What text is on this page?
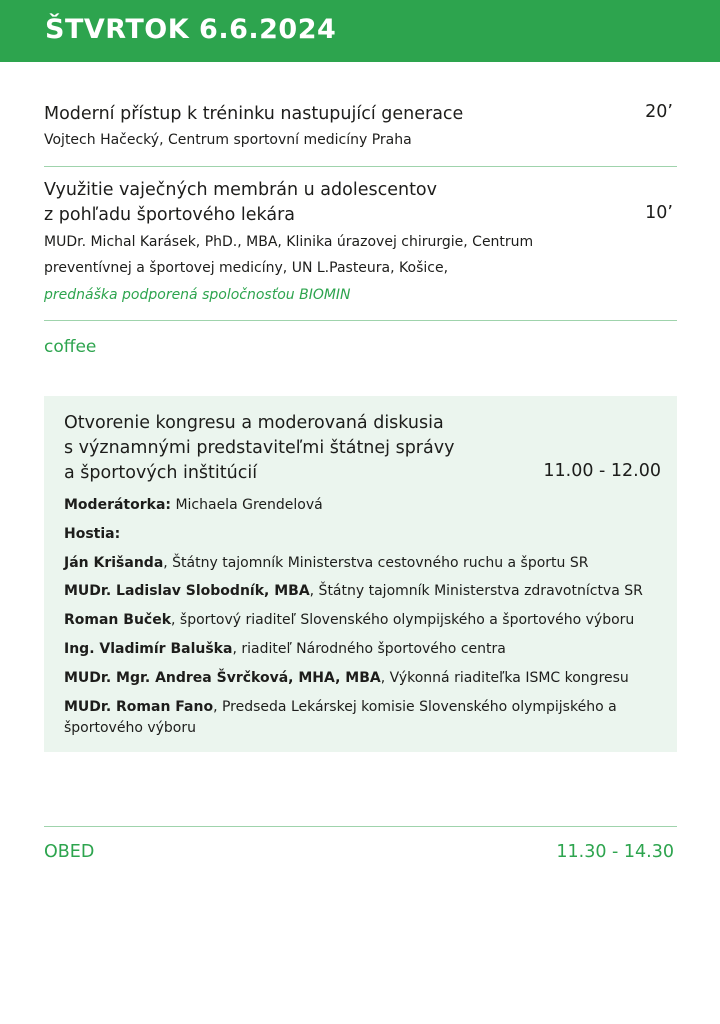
ŠTVRTOK 6.6.2024
Moderní přístup k tréninku nastupující generace
Vojtech Hačecký, Centrum sportovní medicíny Praha
20’
Využitie vaječných membrán u adolescentov
z pohľadu športového lekára
MUDr. Michal Karásek, PhD., MBA, Klinika úrazovej chirurgie, Centrum
preventívnej a športovej medicíny, UN L.Pasteura, Košice,
prednáška podporená spoločnosťou BIOMIN
10’
coffee
Otvorenie kongresu a moderovaná diskusia
s významnými predstaviteľmi štátnej správy
a športových inštitúcií	11.00 - 12.00
Moderátorka: Michaela Grendelová
Hostia:
Ján Krišanda, Štátny tajomník Ministerstva cestovného ruchu a športu SR
MUDr. Ladislav Slobodník, MBA, Štátny tajomník Ministerstva zdravotníctva SR
Roman Buček, športový riaditeľ Slovenského olympijského a športového výboru
Ing. Vladimír Baluška, riaditeľ Národného športového centra
MUDr. Mgr. Andrea Švrčková, MHA, MBA, Výkonná riaditeľka ISMC kongresu
MUDr. Roman Fano, Predseda Lekárskej komisie Slovenského olympijského a športového výboru
OBED	11.30 - 14.30
